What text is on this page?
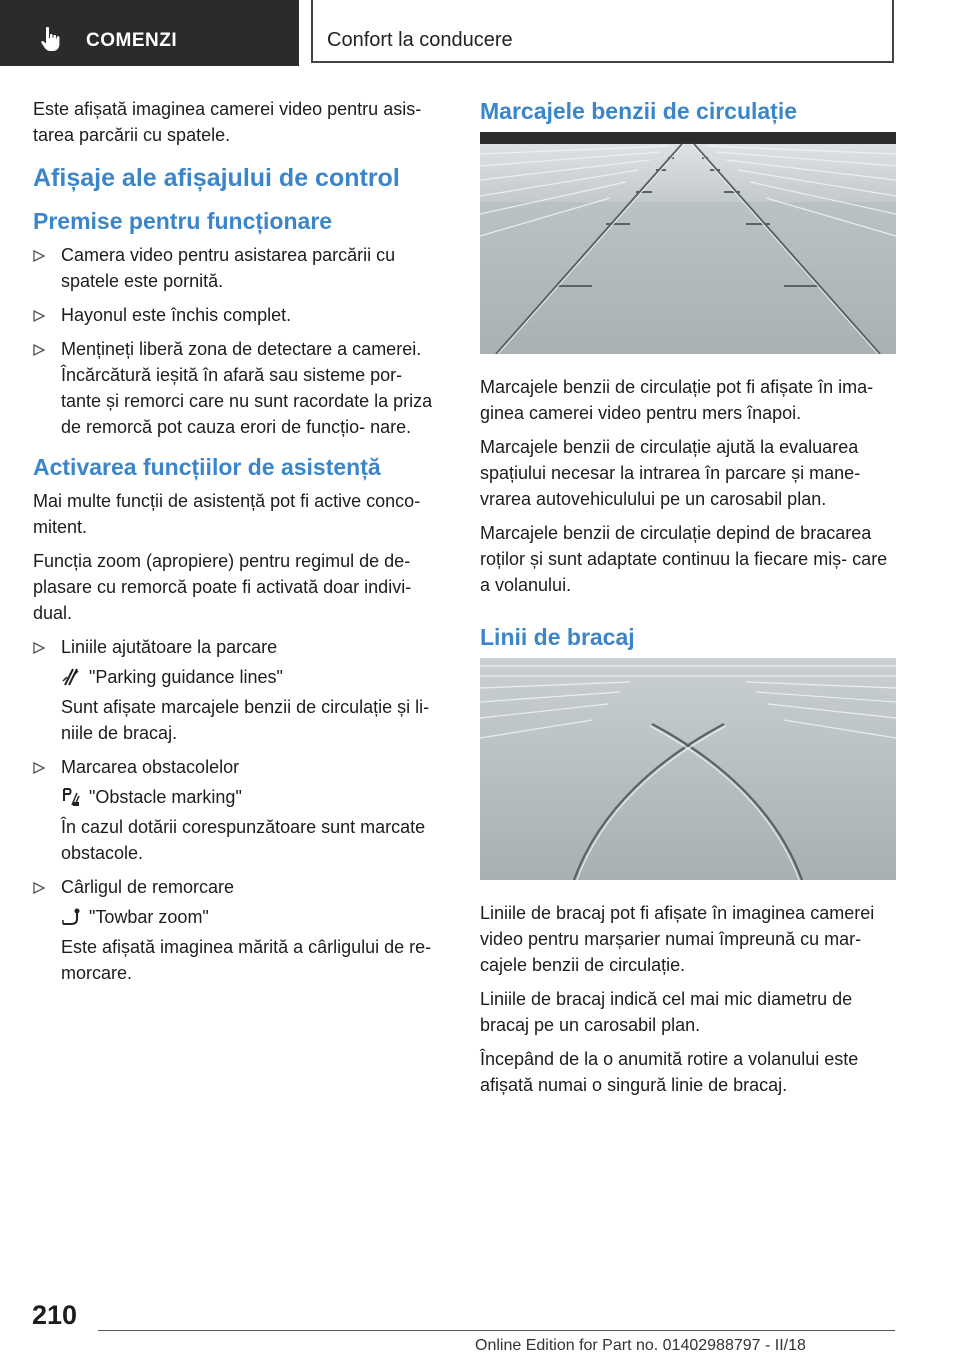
COMENZI	Confort la conducere

Este afișată imaginea camerei video pentru asis- tarea parcării cu spatele.

Afișaje ale afișajului de control
Premise pentru funcționare
Camera video pentru asistarea parcării cu spatele este pornită.
Hayonul este închis complet.
Mențineți liberă zona de detectare a camerei. Încărcătură ieșită în afară sau sisteme por- tante și remorci care nu sunt racordate la priza de remorcă pot cauza erori de funcțio- nare.
Activarea funcțiilor de asistență

Mai multe funcții de asistență pot fi active conco- mitent.

Funcția zoom (apropiere) pentru regimul de de- plasare cu remorcă poate fi activată doar indivi- dual.

Liniile ajutătoare la parcare
"Parking guidance lines"

Sunt afișate marcajele benzii de circulație și li- niile de bracaj.

Marcarea obstacolelor
"Obstacle marking"

În cazul dotării corespunzătoare sunt marcate obstacole.

Cârligul de remorcare
"Towbar zoom"

Este afișată imaginea mărită a cârligului de re- morcare.

Marcajele benzii de circulație

Marcajele benzii de circulație pot fi afișate în ima- ginea camerei video pentru mers înapoi.

Marcajele benzii de circulație ajută la evaluarea spațiului necesar la intrarea în parcare și mane- vrarea autovehiculului pe un carosabil plan.

Marcajele benzii de circulație depind de bracarea roților și sunt adaptate continuu la fiecare miș- care a volanului.

Linii de bracaj

Liniile de bracaj pot fi afișate în imaginea camerei video pentru marșarier numai împreună cu mar- cajele benzii de circulație.

Liniile de bracaj indică cel mai mic diametru de bracaj pe un carosabil plan.

Începând de la o anumită rotire a volanului este afișată numai o singură linie de bracaj.

210
Online Edition for Part no. 01402988797 - II/18
